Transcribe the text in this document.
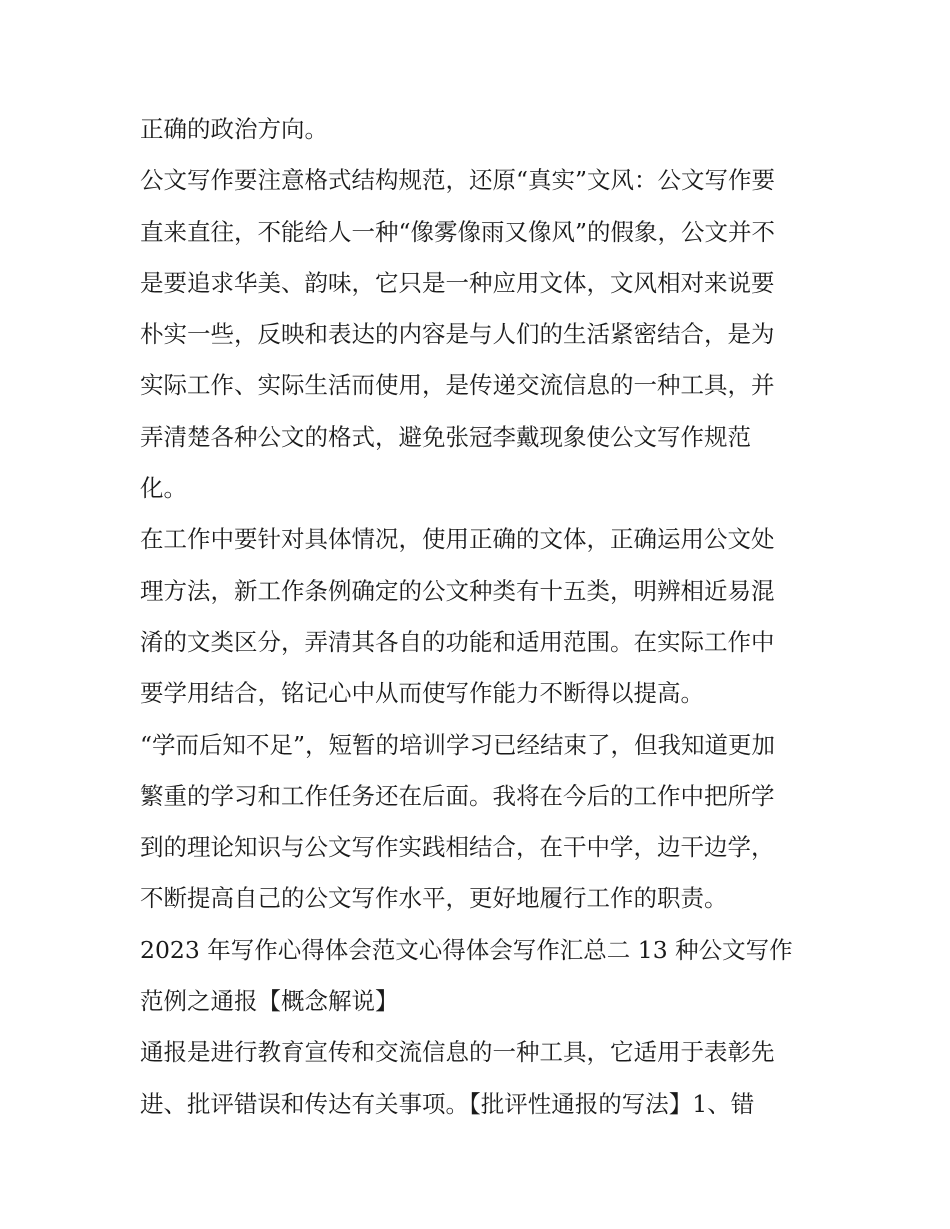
正确的政治方向。
公文写作要注意格式结构规范，还原“真实”文风：公文写作要
直来直往，不能给人一种“像雾像雨又像风”的假象，公文并不
是要追求华美、韵味，它只是一种应用文体，文风相对来说要
朴实一些，反映和表达的内容是与人们的生活紧密结合，是为
实际工作、实际生活而使用，是传递交流信息的一种工具，并
弄清楚各种公文的格式，避免张冠李戴现象使公文写作规范
化。
在工作中要针对具体情况，使用正确的文体，正确运用公文处
理方法，新工作条例确定的公文种类有十五类，明辨相近易混
淆的文类区分，弄清其各自的功能和适用范围。在实际工作中
要学用结合，铭记心中从而使写作能力不断得以提高。
“学而后知不足”，短暂的培训学习已经结束了，但我知道更加
繁重的学习和工作任务还在后面。我将在今后的工作中把所学
到的理论知识与公文写作实践相结合，在干中学，边干边学，
不断提高自己的公文写作水平，更好地履行工作的职责。
2023 年写作心得体会范文心得体会写作汇总二 13 种公文写作
范例之通报【概念解说】
通报是进行教育宣传和交流信息的一种工具，它适用于表彰先
进、批评错误和传达有关事项。【批评性通报的写法】1、错
